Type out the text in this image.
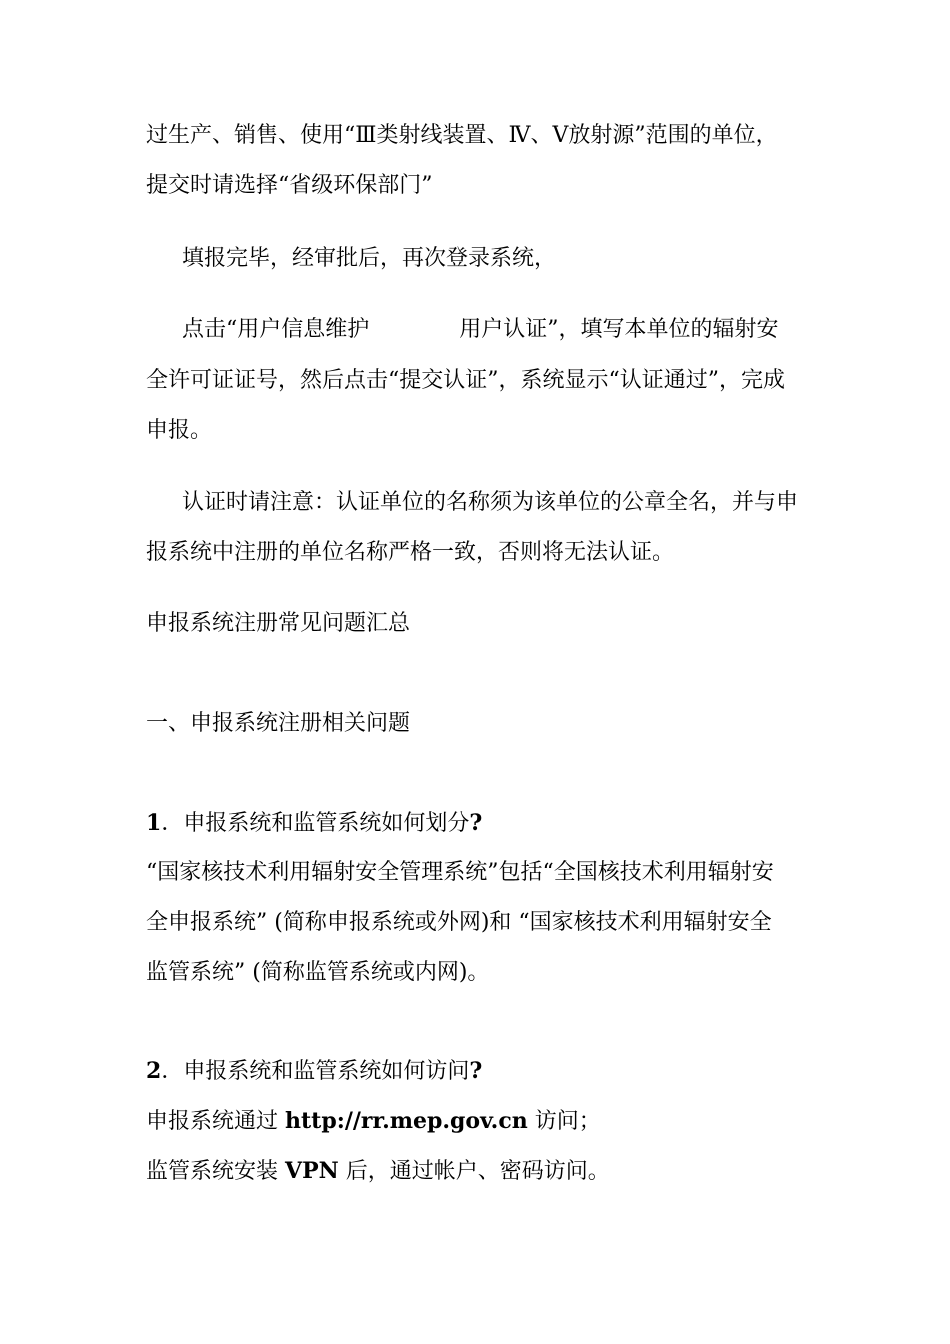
过生产、销售、使用“Ⅲ类射线装置、Ⅳ、Ⅴ放射源”范围的单位，
提交时请选择“省级环保部门”
填报完毕，经审批后，再次登录系统，
点击“用户信息维护	用户认证”，填写本单位的辐射安
全许可证证号，然后点击“提交认证”，系统显示“认证通过”，完成
申报。
认证时请注意：认证单位的名称须为该单位的公章全名，并与申
报系统中注册的单位名称严格一致，否则将无法认证。
申报系统注册常见问题汇总
一、申报系统注册相关问题
1．申报系统和监管系统如何划分?
“国家核技术利用辐射安全管理系统”包括“全国核技术利用辐射安
全申报系统” (简称申报系统或外网)和 “国家核技术利用辐射安全
监管系统” (简称监管系统或内网)。
2．申报系统和监管系统如何访问?
申报系统通过 http://rr.mep.gov.cn 访问；
监管系统安装 VPN 后，通过帐户、密码访问。
